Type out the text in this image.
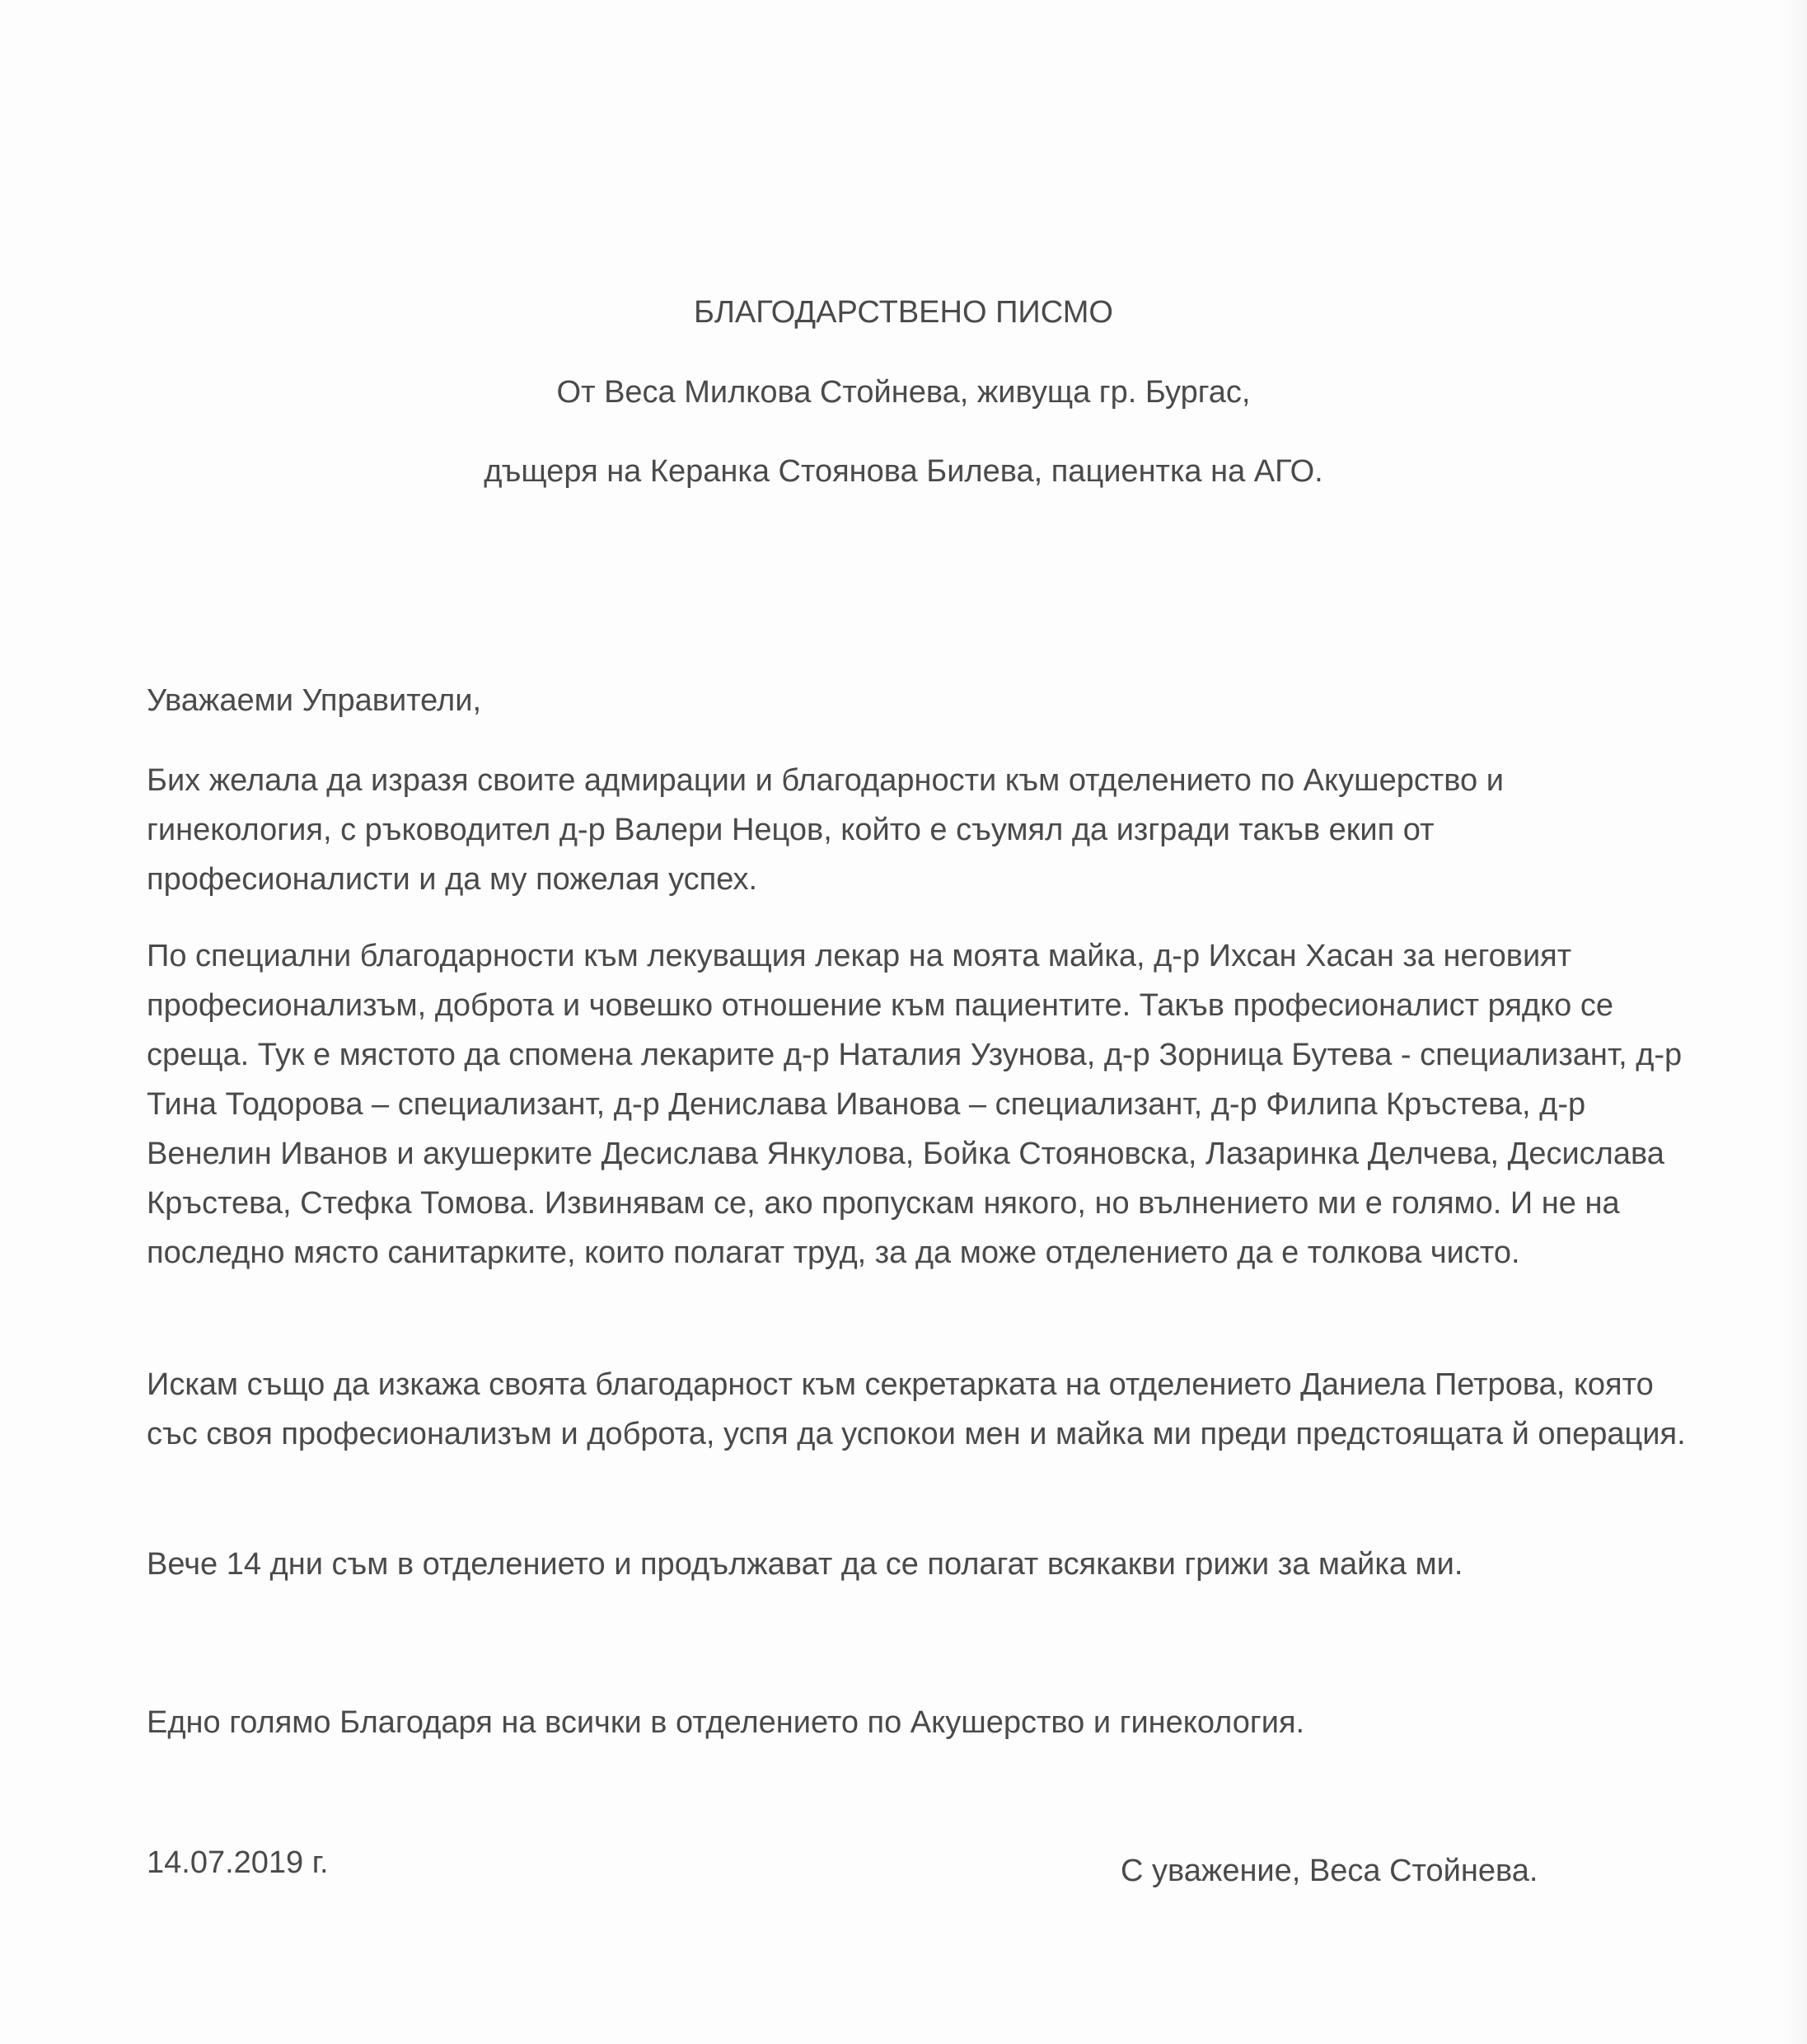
БЛАГОДАРСТВЕНО ПИСМО
От Веса Милкова Стойнева, живуща гр. Бургас,
дъщеря на Керанка Стоянова Билева, пациентка на АГО.

Уважаеми Управители,

Бих желала да изразя своите адмирации и благодарности към отделението по Акушерство и гинекология, с ръководител д-р Валери Нецов, който е съумял да изгради такъв екип от професионалисти и да му пожелая успех.

По специални благодарности към лекуващия лекар на моята майка, д-р Ихсан Хасан за неговият професионализъм, доброта и човешко отношение към пациентите. Такъв професионалист рядко се среща. Тук е мястото да спомена лекарите д-р Наталия Узунова, д-р Зорница Бутева - специализант, д-р Тина Тодорова – специализант, д-р Денислава Иванова – специализант, д-р Филипа Кръстева, д-р Венелин Иванов и акушерките Десислава Янкулова, Бойка Стояновска, Лазаринка Делчева, Десислава Кръстева, Стефка Томова. Извинявам се, ако пропускам някого, но вълнението ми е голямо. И не на последно място санитарките, които полагат труд, за да може отделението да е толкова чисто.

Искам също да изкажа своята благодарност към секретарката на отделението Даниела Петрова, която със своя професионализъм и доброта, успя да успокои мен и майка ми преди предстоящата й операция.

Вече 14 дни съм в отделението и продължават да се полагат всякакви грижи за майка ми.

Едно голямо Благодаря на всички в отделението по Акушерство и гинекология.

14.07.2019 г.	С уважение, Веса Стойнева.
